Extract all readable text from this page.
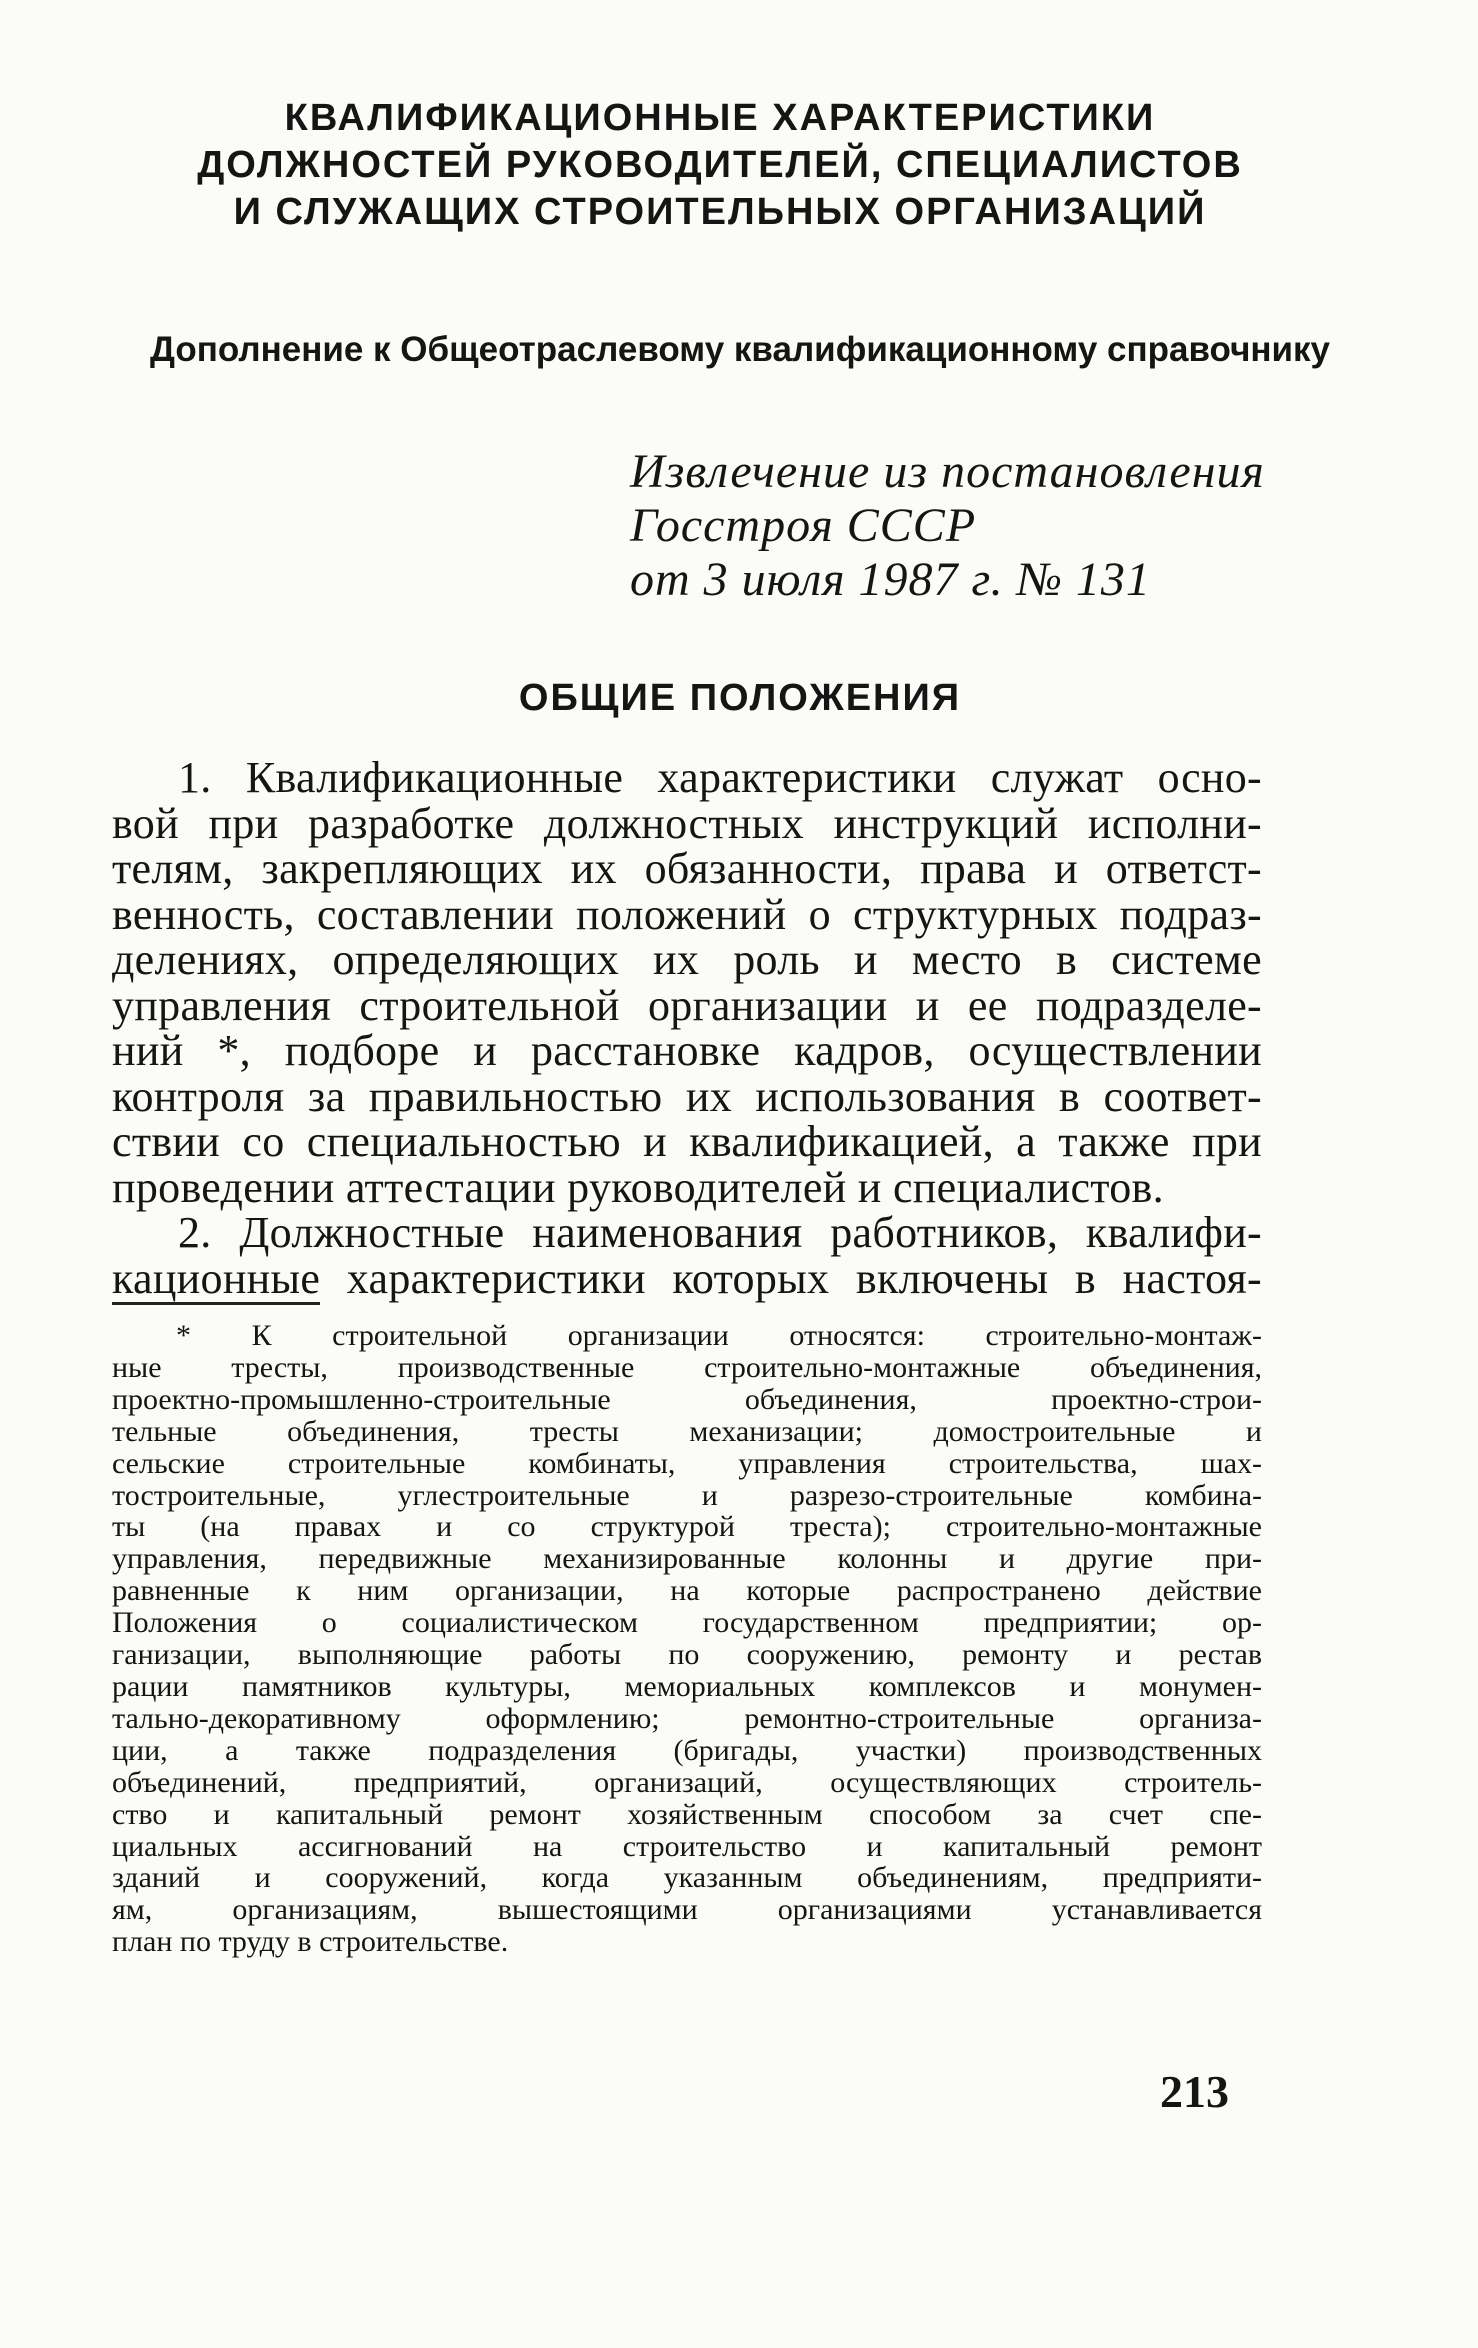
КВАЛИФИКАЦИОННЫЕ ХАРАКТЕРИСТИКИ
ДОЛЖНОСТЕЙ РУКОВОДИТЕЛЕЙ, СПЕЦИАЛИСТОВ
И СЛУЖАЩИХ СТРОИТЕЛЬНЫХ ОРГАНИЗАЦИЙ
Дополнение к Общеотраслевому квалификационному справочнику
Извлечение из постановления
Госстроя СССР
от 3 июля 1987 г. № 131
ОБЩИЕ ПОЛОЖЕНИЯ
1. Квалификационные характеристики служат осно-
вой при разработке должностных инструкций исполни-
телям, закрепляющих их обязанности, права и ответст-
венность, составлении положений о структурных подраз-
делениях, определяющих их роль и место в системе
управления строительной организации и ее подразделе-
ний *, подборе и расстановке кадров, осуществлении
контроля за правильностью их использования в соответ-
ствии со специальностью и квалификацией, а также при
проведении аттестации руководителей и специалистов.
2. Должностные наименования работников, квалифи-
кационные характеристики которых включены в настоя-
* К строительной организации относятся: строительно-монтаж-
ные тресты, производственные строительно-монтажные объединения,
проектно-промышленно-строительные объединения, проектно-строи-
тельные объединения, тресты механизации; домостроительные и
сельские строительные комбинаты, управления строительства, шах-
тостроительные, углестроительные и разрезо-строительные комбина-
ты (на правах и со структурой треста); строительно-монтажные
управления, передвижные механизированные колонны и другие при-
равненные к ним организации, на которые распространено действие
Положения о социалистическом государственном предприятии; ор-
ганизации, выполняющие работы по сооружению, ремонту и рестав
рации памятников культуры, мемориальных комплексов и монумен-
тально-декоративному оформлению; ремонтно-строительные организа-
ции, а также подразделения (бригады, участки) производственных
объединений, предприятий, организаций, осуществляющих строитель-
ство и капитальный ремонт хозяйственным способом за счет спе-
циальных ассигнований на строительство и капитальный ремонт
зданий и сооружений, когда указанным объединениям, предприяти-
ям, организациям, вышестоящими организациями устанавливается
план по труду в строительстве.
213
